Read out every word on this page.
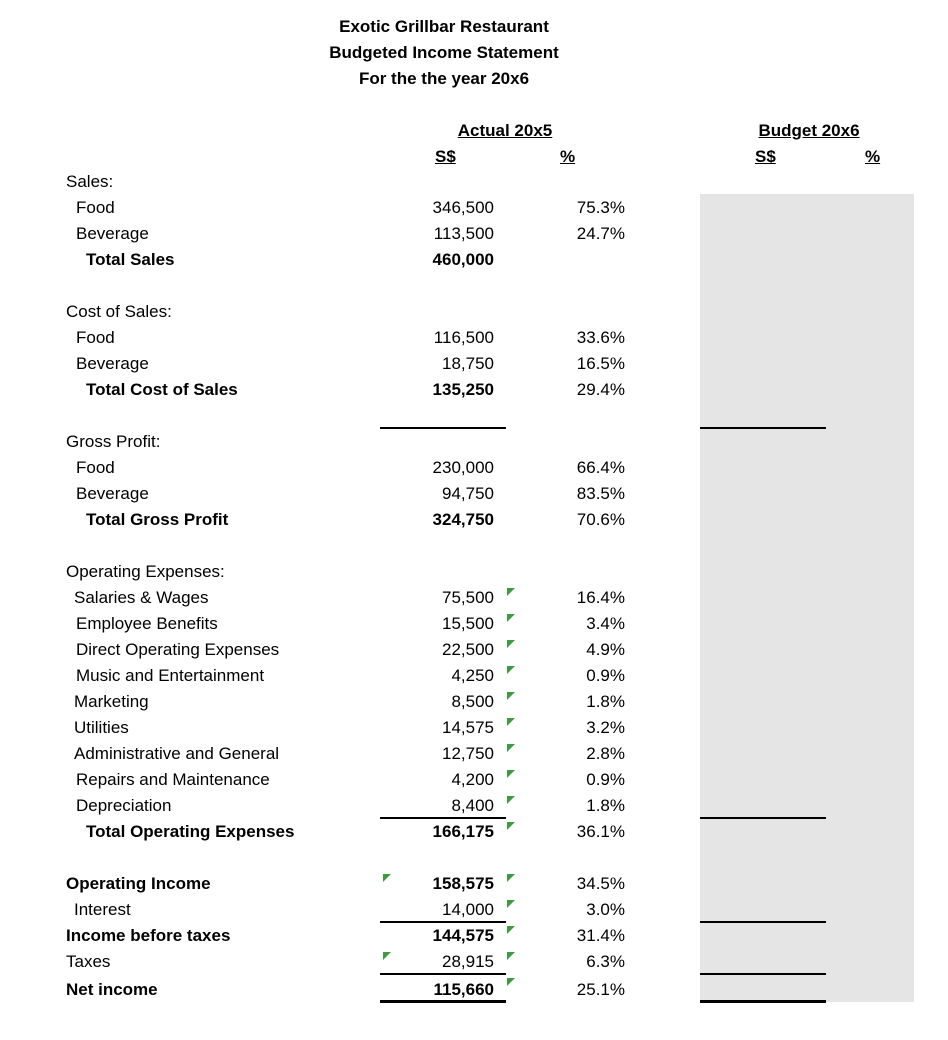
Exotic Grillbar Restaurant
Budgeted Income Statement
For the the year 20x6
Actual 20x5
S$	%
Budget 20x6
S$	%
Sales:
Food	346,500	75.3%
Beverage	113,500	24.7%
Total Sales	460,000
Cost of Sales:
Food	116,500	33.6%
Beverage	18,750	16.5%
Total Cost of Sales	135,250	29.4%
Gross Profit:
Food	230,000	66.4%
Beverage	94,750	83.5%
Total Gross Profit	324,750	70.6%
Operating Expenses:
Salaries & Wages	75,500	16.4%
Employee Benefits	15,500	3.4%
Direct Operating Expenses	22,500	4.9%
Music and Entertainment	4,250	0.9%
Marketing	8,500	1.8%
Utilities	14,575	3.2%
Administrative and General	12,750	2.8%
Repairs and Maintenance	4,200	0.9%
Depreciation	8,400	1.8%
Total Operating Expenses	166,175	36.1%
Operating Income	158,575	34.5%
Interest	14,000	3.0%
Income before taxes	144,575	31.4%
Taxes	28,915	6.3%
Net income	115,660	25.1%
